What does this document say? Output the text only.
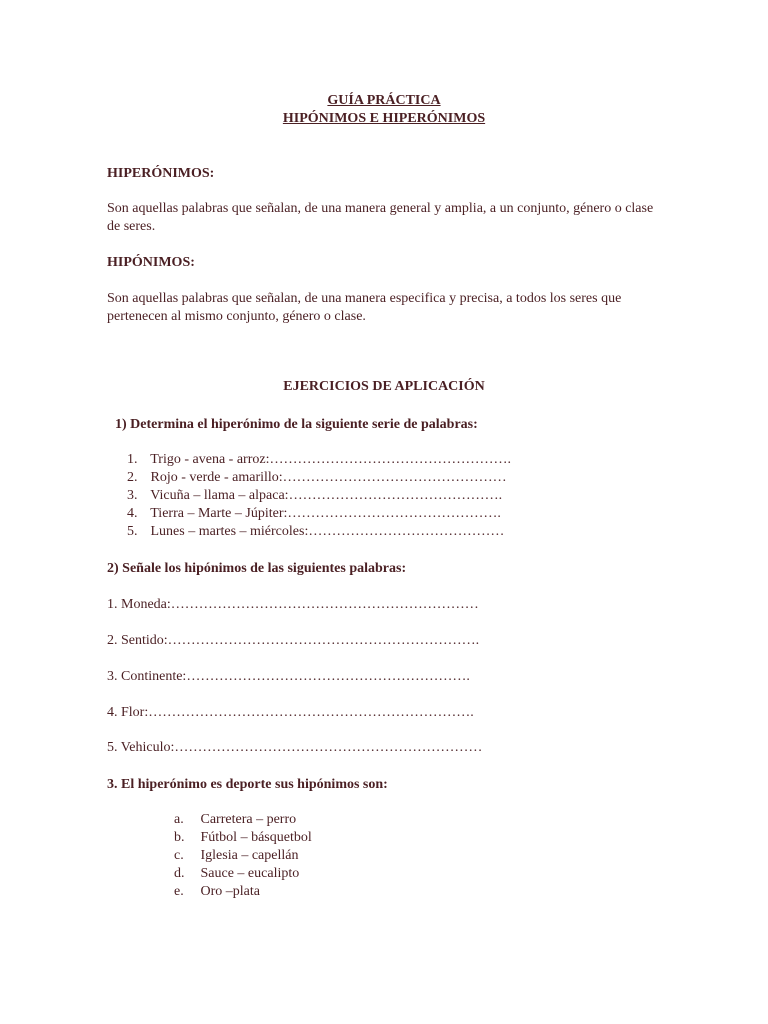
GUÍA PRÁCTICA
HIPÓNIMOS E HIPERÓNIMOS
HIPERÓNIMOS:
Son aquellas palabras que señalan, de una manera general y amplia, a un conjunto, género o clase de seres.
HIPÓNIMOS:
Son aquellas palabras que señalan, de una manera especifica y precisa, a todos los seres que pertenecen al mismo conjunto, género o clase.
EJERCICIOS DE APLICACIÓN
1) Determina el hiperónimo de la siguiente serie de palabras:
1. Trigo - avena - arroz:…………………………………………….
2. Rojo - verde - amarillo:…………………………………………
3. Vicuña – llama – alpaca:……………………………………….
4. Tierra – Marte – Júpiter:……………………………………….
5. Lunes – martes – miércoles:……………………………………
2) Señale los hipónimos de las siguientes palabras:
1. Moneda:…………………………………………………………
2. Sentido:………………………………………………………….
3. Continente:…………………………………………………….
4. Flor:…………………………………………………………….
5. Vehiculo:…………………………………………………………
3. El hiperónimo es deporte sus hipónimos son:
a. Carretera – perro
b. Fútbol – básquetbol
c. Iglesia – capellán
d. Sauce – eucalipto
e. Oro –plata
